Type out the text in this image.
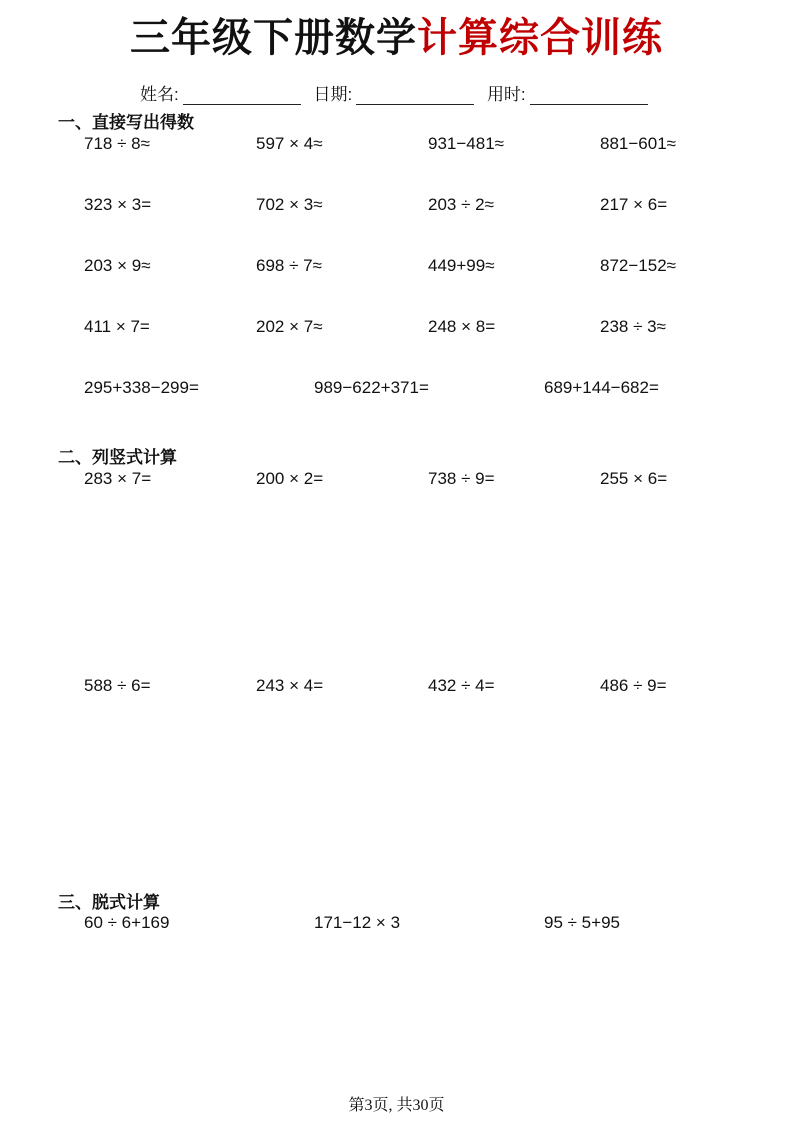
三年级下册数学计算综合训练
姓名:	日期:	用时:
一、直接写出得数
718 ÷ 8≈	597 × 4≈	931−481≈	881−601≈
323 × 3=	702 × 3≈	203 ÷ 2≈	217 × 6=
203 × 9≈	698 ÷ 7≈	449+99≈	872−152≈
411 × 7=	202 × 7≈	248 × 8=	238 ÷ 3≈
295+338−299=	989−622+371=	689+144−682=
二、列竖式计算
283 × 7=	200 × 2=	738 ÷ 9=	255 × 6=
588 ÷ 6=	243 × 4=	432 ÷ 4=	486 ÷ 9=
三、脱式计算
60 ÷ 6+169	171−12 × 3	95 ÷ 5+95
第3页, 共30页
